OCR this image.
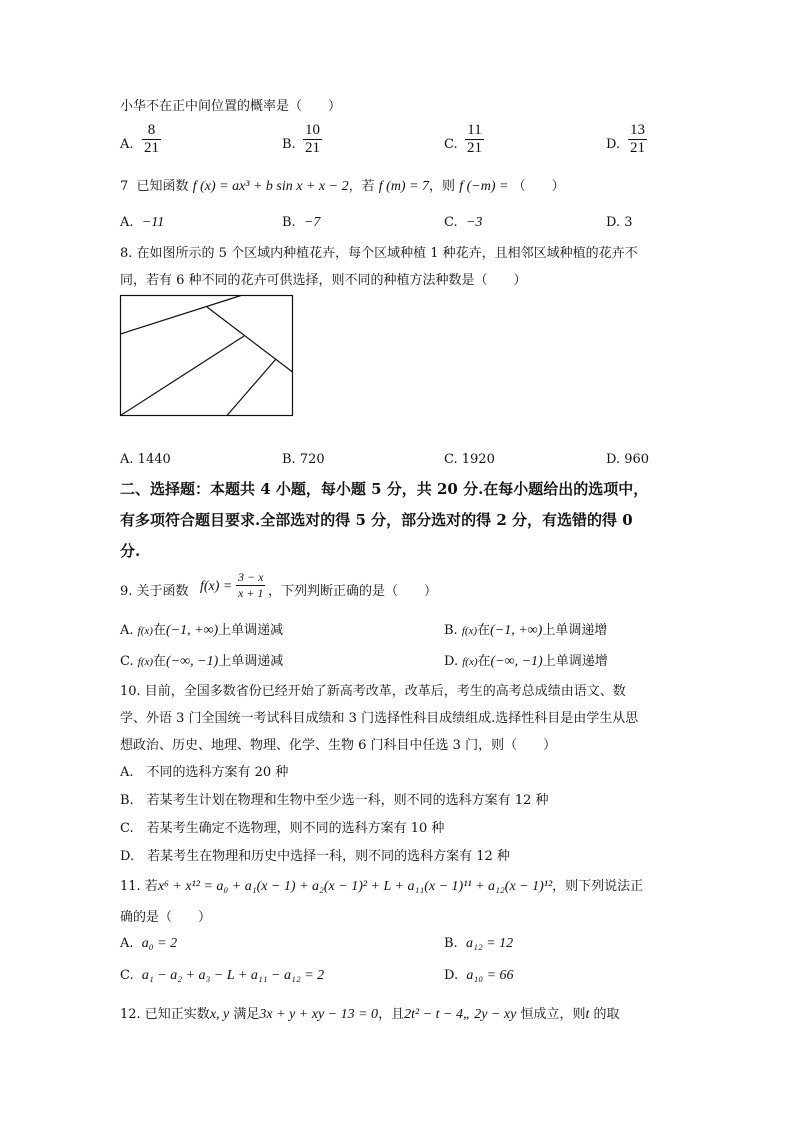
小华不在正中间位置的概率是（　　）
A.
8
21	B.
10
21	C.
11
21	D.
13
21
7 已知函数 f (x) = ax³ + b sin x + x − 2，若 f (m) = 7，则 f (−m) = （　　）
A. −11	B. −7	C. −3	D. 3
8. 在如图所示的 5 个区域内种植花卉，每个区域种植 1 种花卉，且相邻区域种植的花卉不
同，若有 6 种不同的花卉可供选择，则不同的种植方法种数是（　　）
A. 1440	B. 720	C. 1920	D. 960
二、选择题：本题共 4 小题，每小题 5 分，共 20 分.在每小题给出的选项中，
有多项符合题目要求.全部选对的得 5 分，部分选对的得 2 分，有选错的得 0
分.
9. 关于函数 f(x) =
3 − x
x + 1 ，下列判断正确的是（　　）
A. f(x)在(−1, +∞)上单调递减	B. f(x)在(−1, +∞)上单调递增
C. f(x)在(−∞, −1)上单调递减	D. f(x)在(−∞, −1)上单调递增
10. 目前，全国多数省份已经开始了新高考改革，改革后，考生的高考总成绩由语文、数
学、外语 3 门全国统一考试科目成绩和 3 门选择性科目成绩组成.选择性科目是由学生从思
想政治、历史、地理、物理、化学、生物 6 门科目中任选 3 门，则（　　）
A.　不同的选科方案有 20 种
B.　若某考生计划在物理和生物中至少选一科，则不同的选科方案有 12 种
C.　若某考生确定不选物理，则不同的选科方案有 10 种
D.　若某考生在物理和历史中选择一科，则不同的选科方案有 12 种
11. 若x⁶ + x¹² = a₀ + a₁(x − 1) + a₂(x − 1)² + L + a₁₁(x − 1)¹¹ + a₁₂(x − 1)¹²，则下列说法正
确的是（　　）
A. a₀ = 2	B. a₁₂ = 12
C. a₁ − a₂ + a₃ − L + a₁₁ − a₁₂ = 2	D. a₁₀ = 66
12. 已知正实数x, y 满足3x + y + xy − 13 = 0，且2t² − t − 4„ 2y − xy 恒成立，则t 的取
